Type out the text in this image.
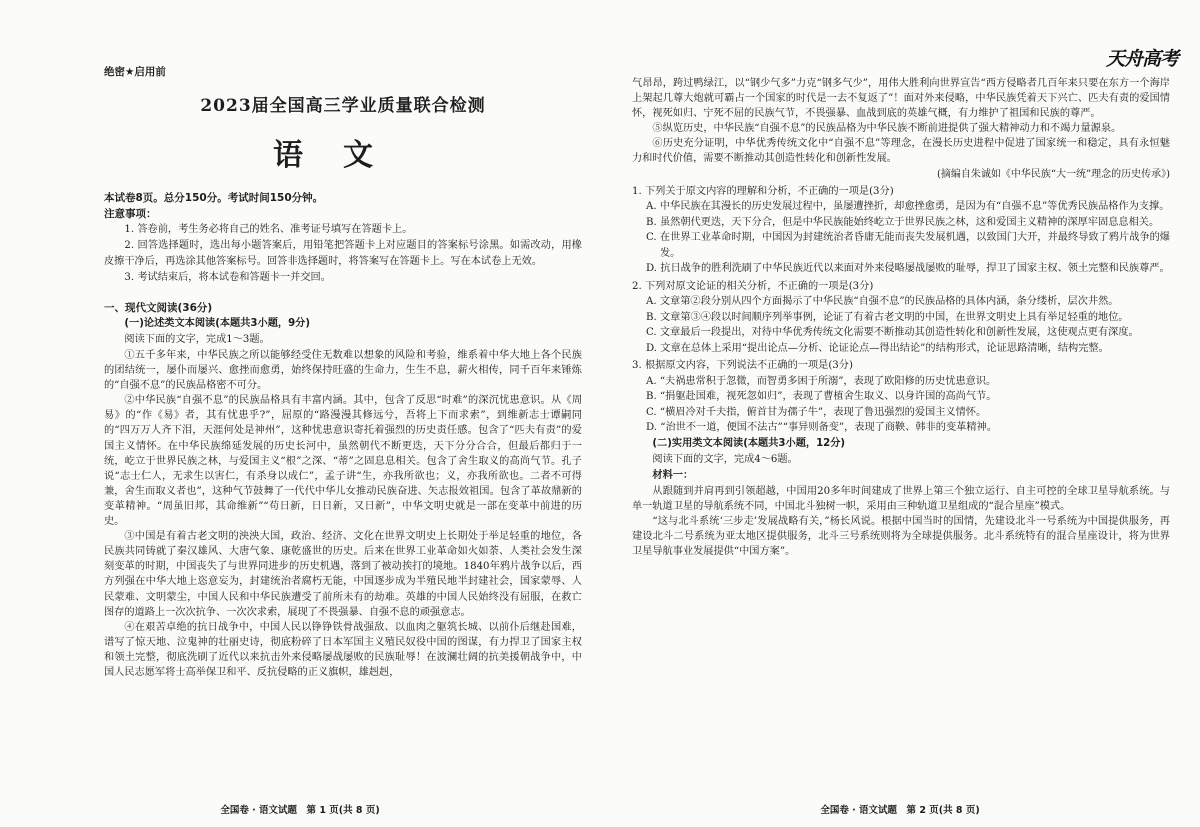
天舟高考
绝密★启用前
2023届全国高三学业质量联合检测
语文
本试卷8页。总分150分。考试时间150分钟。
注意事项：
1. 答卷前，考生务必将自己的姓名、准考证号填写在答题卡上。
2. 回答选择题时，选出每小题答案后，用铅笔把答题卡上对应题目的答案标号涂黑。如需改动，用橡皮擦干净后，再选涂其他答案标号。回答非选择题时，将答案写在答题卡上。写在本试卷上无效。
3. 考试结束后，将本试卷和答题卡一并交回。
一、现代文阅读(36分)
(一)论述类文本阅读(本题共3小题，9分)
阅读下面的文字，完成1～3题。

①五千多年来，中华民族之所以能够经受住无数难以想象的风险和考验，维系着中华大地上各个民族的团结统一，屡仆而屡兴、愈挫而愈勇，始终保持旺盛的生命力，生生不息，薪火相传，同千百年来锤炼的“自强不息”的民族品格密不可分。

②中华民族“自强不息”的民族品格具有丰富内涵。其中，包含了反思“时难”的深沉忧患意识。从《周易》的“作《易》者，其有忧患乎?”，屈原的“路漫漫其修远兮，吾将上下而求索”，到维新志士谭嗣同的“四万万人齐下泪，天涯何处是神州”，这种忧患意识寄托着强烈的历史责任感。包含了“匹夫有责”的爱国主义情怀。在中华民族绵延发展的历史长河中，虽然朝代不断更迭，天下分分合合，但最后都归于一统，屹立于世界民族之林，与爱国主义“根”之深、“蒂”之固息息相关。包含了舍生取义的高尚气节。孔子说“志士仁人，无求生以害仁，有杀身以成仁”，孟子讲“生，亦我所欲也；义，亦我所欲也。二者不可得兼，舍生而取义者也”，这种气节鼓舞了一代代中华儿女推动民族奋进、矢志报效祖国。包含了革故鼎新的变革精神。“周虽旧邦，其命维新”“苟日新，日日新，又日新”，中华文明史就是一部在变革中前进的历史。

③中国是有着古老文明的泱泱大国，政治、经济、文化在世界文明史上长期处于举足轻重的地位，各民族共同铸就了秦汉雄风、大唐气象、康乾盛世的历史。后来在世界工业革命如火如荼、人类社会发生深刻变革的时期，中国丧失了与世界同进步的历史机遇，落到了被动挨打的境地。1840年鸦片战争以后，西方列强在中华大地上恣意妄为，封建统治者腐朽无能，中国逐步成为半殖民地半封建社会，国家蒙辱、人民蒙难、文明蒙尘，中国人民和中华民族遭受了前所未有的劫难。英雄的中国人民始终没有屈服，在救亡图存的道路上一次次抗争、一次次求索，展现了不畏强暴、自强不息的顽强意志。

④在艰苦卓绝的抗日战争中，中国人民以铮铮铁骨战强敌、以血肉之躯筑长城、以前仆后继赴国难，谱写了惊天地、泣鬼神的壮丽史诗，彻底粉碎了日本军国主义殖民奴役中国的图谋，有力捍卫了国家主权和领土完整，彻底洗刷了近代以来抗击外来侵略屡战屡败的民族耻辱！在波澜壮阔的抗美援朝战争中，中国人民志愿军将士高举保卫和平、反抗侵略的正义旗帜，雄赳赳，

全国卷 · 语文试题　第 1 页(共 8 页)

气昂昂，跨过鸭绿江，以“钢少气多”力克“钢多气少”，用伟大胜利向世界宣告“西方侵略者几百年来只要在东方一个海岸上架起几尊大炮就可霸占一个国家的时代是一去不复返了”！面对外来侵略，中华民族凭着天下兴亡、匹夫有责的爱国情怀，视死如归、宁死不屈的民族气节，不畏强暴、血战到底的英雄气概，有力维护了祖国和民族的尊严。

⑤纵览历史，中华民族“自强不息”的民族品格为中华民族不断前进提供了强大精神动力和不竭力量源泉。

⑥历史充分证明，中华优秀传统文化中“自强不息”等理念，在漫长历史进程中促进了国家统一和稳定，具有永恒魅力和时代价值，需要不断推动其创造性转化和创新性发展。

(摘编自朱诚如《中华民族“大一统”理念的历史传承》)
1. 下列关于原文内容的理解和分析，不正确的一项是(3分)
A. 中华民族在其漫长的历史发展过程中，虽屡遭挫折，却愈挫愈勇，是因为有“自强不息”等优秀民族品格作为支撑。
B. 虽然朝代更迭，天下分合，但是中华民族能始终屹立于世界民族之林，这和爱国主义精神的深厚牢固息息相关。
C. 在世界工业革命时期，中国因为封建统治者昏庸无能而丧失发展机遇，以致国门大开，并最终导致了鸦片战争的爆发。
D. 抗日战争的胜利洗刷了中华民族近代以来面对外来侵略屡战屡败的耻辱，捍卫了国家主权、领土完整和民族尊严。
2. 下列对原文论证的相关分析，不正确的一项是(3分)
A. 文章第②段分别从四个方面揭示了中华民族“自强不息”的民族品格的具体内涵，条分缕析，层次井然。
B. 文章第③④段以时间顺序列举事例，论证了有着古老文明的中国，在世界文明史上具有举足轻重的地位。
C. 文章最后一段提出，对待中华优秀传统文化需要不断推动其创造性转化和创新性发展，这使观点更有深度。
D. 文章在总体上采用“提出论点—分析、论证论点—得出结论”的结构形式，论证思路清晰，结构完整。
3. 根据原文内容，下列说法不正确的一项是(3分)
A. “夫祸患常积于忽微，而智勇多困于所溺”，表现了欧阳修的历史忧患意识。
B. “捐躯赴国难，视死忽如归”，表现了曹植舍生取义、以身许国的高尚气节。
C. “横眉冷对千夫指，俯首甘为孺子牛”，表现了鲁迅强烈的爱国主义情怀。
D. “治世不一道，便国不法古”“事异则备变”，表现了商鞅、韩非的变革精神。
(二)实用类文本阅读(本题共3小题，12分)
阅读下面的文字，完成4～6题。
材料一：

从跟随到并肩再到引领超越，中国用20多年时间建成了世界上第三个独立运行、自主可控的全球卫星导航系统。与单一轨道卫星的导航系统不同，中国北斗独树一帜，采用由三种轨道卫星组成的“混合星座”模式。

“这与北斗系统‘三步走’发展战略有关，”杨长风说。根据中国当时的国情，先建设北斗一号系统为中国提供服务，再建设北斗二号系统为亚太地区提供服务，北斗三号系统则将为全球提供服务。北斗系统特有的混合星座设计，将为世界卫星导航事业发展提供“中国方案”。

全国卷 · 语文试题　第 2 页(共 8 页)
